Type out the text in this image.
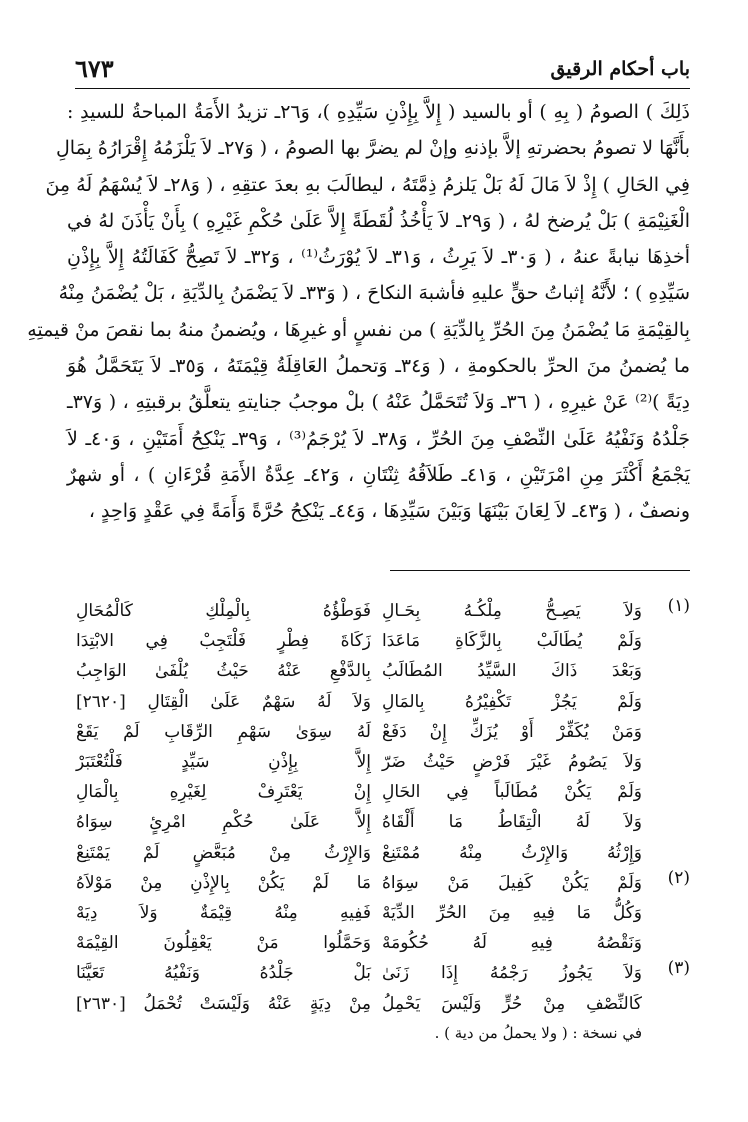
باب أحكام الرقيق
٦٧٣
ذَلِكَ ) الصومُ ( بِهِ ) أو بالسيد ( إِلاَّ بِإِذْنِ سَيِّدِهِ )، وَ٢٦ـ تزيدُ الأَمَةُ المباحةُ للسيدِ :
بأَنَّهَا لا تصومُ بحضرتهِ إلاَّ بإذنهِ وإنْ لم يضرَّ بها الصومُ ، ( وَ٢٧ـ لاَ يَلْزَمُهُ إِقْرَارُهُ بِمَالِ
فِي الحَالِ ) إِذْ لاَ مَالَ لَهُ بَلْ يَلزمُ ذِمَّتَهُ ، ليطالَبَ بهِ بعدَ عتقِهِ ، ( وَ٢٨ـ لاَ يُسْهَمُ لَهُ مِنَ
الْغَنِيْمَةِ ) بَلْ يُرضخ لهُ ، ( وَ٢٩ـ لاَ يَأْخُذُ لُقَطَةً إِلاَّ عَلَىٰ حُكْمِ غَيْرِهِ ) بِأَنْ يَأْذَنَ لهُ في
أخذِهَا نيابةً عنهُ ، ( وَ٣٠ـ لاَ يَرِثُ ، وَ٣١ـ لاَ يُوْرَثُ⁽¹⁾ ، وَ٣٢ـ لاَ تَصِحُّ كَفَالَتُهُ إِلاَّ بِإِذْنِ
سَيِّدِهِ ) ؛ لأَنَّهُ إثباتُ حقٍّ عليهِ فأشبهَ النكاحَ ، ( وَ٣٣ـ لاَ يَضْمَنُ بِالدِّيَةِ ، بَلْ يُضْمَنُ مِنْهُ
بِالقِيْمَةِ مَا يُضْمَنُ مِنَ الحُرِّ بِالدِّيَةِ ) من نفسٍ أو غيرِهَا ، ويُضمنُ منهُ بما نقصَ منْ قيمتِهِ
ما يُضمنُ منَ الحرِّ بالحكومةِ ، ( وَ٣٤ـ وَتحملُ العَاقِلَةُ قِيْمَتَهُ ، وَ٣٥ـ لاَ يَتَحَمَّلُ هُوَ
دِيَةً )⁽²⁾ عَنْ غيرِهِ ، ( ٣٦ـ وَلاَ تُتَحَمَّلُ عَنْهُ ) بلْ موجبُ جنايتهِ يتعلَّقُ برقبتِهِ ، ( وَ٣٧ـ
جَلْدُهُ وَنَفْيُهُ عَلَىٰ النِّصْفِ مِنَ الحُرِّ ، وَ٣٨ـ لاَ يُرْجَمُ⁽³⁾ ، وَ٣٩ـ يَنْكِحُ أَمَتَيْنِ ، وَ٤٠ـ لاَ
يَجْمَعُ أَكْثَرَ مِنِ امْرَتَيْنِ ، وَ٤١ـ طَلاَقُهُ ثِنْتَانِ ، وَ٤٢ـ عِدَّةُ الأَمَةِ قُرْءَانِ ) ، أو شهرٌ
ونصفٌ ، ( وَ٤٣ـ لاَ لِعَانَ بَيْنَهَا وَبَيْنَ سَيِّدِهَا ، وَ٤٤ـ يَنْكِحُ حُرَّةً وَأَمَةً فِي عَقْدٍ وَاحِدٍ ،
(١)
(٢)
(٣)
وَلاَ يَصِـحُّ مِلْكُـهُ بِحَـالِ
وَلَمْ يُطَالَبْ بِالزَّكَاةِ مَاعَدَا
وَبَعْدَ ذَاكَ السَّيِّدُ المُطَالَبُ
وَلَمْ يَجُزْ تَكْفِيْرُهُ بِالمَالِ
وَمَنْ يُكَفِّرْ أَوْ يُزَكِّ إِنْ دَفَعْ
وَلاَ يَصُومُ غَيْرَ فَرْضٍ حَيْثُ ضَرّ
وَلَمْ يَكُنْ مُطَالَباً فِي الحَالِ
وَلاَ لَهُ الْتِقَاطُ مَا أَلْقَاهُ
وَإِرْثُهُ وَالإِرْثُ مِنْهُ مُمْتَنِعْ
وَلَمْ يَكُنْ كَفِيلَ مَنْ سِوَاهُ
وَكُلُّ مَا فِيهِ مِنَ الحُرِّ الدِّيَهْ
وَنَقْصُهُ فِيهِ لَهُ حُكُومَهْ
وَلاَ يَجُوزُ رَجْمُهُ إِذَا زَنَىٰ
كَالنِّصْفِ مِنْ حُرٍّ وَلَيْسَ يَحْمِلُ
فَوَطْؤُهُ بِالْمِلْكِ كَالْمُحَالِ
زَكَاةَ فِطْرٍ فَلْتَجِبْ فِي الابْتِدَا
بِالدَّفْعِ عَنْهُ حَيْثُ يُلْفَىٰ الوَاجِبُ
وَلاَ لَهُ سَهْمٌ عَلَىٰ الْقِتَالِ [٢٦٢٠]
لَهُ سِوَىٰ سَهْمِ الرِّقَابِ لَمْ يَقَعْ
إِلاَّ بِإِذْنِ سَيِّدٍ فَلْتُعْتَبَرْ
إِنْ يَعْتَرِفْ لِغَيْرِهِ بِالْمَالِ
إِلاَّ عَلَىٰ حُكْمِ امْرِئٍ سِوَاهُ
وَالإِرْثُ مِنْ مُبَعَّضٍ لَمْ يَمْتَنِعْ
مَا لَمْ يَكُنْ بِالإِذْنِ مِنْ مَوْلاَهُ
فَفِيهِ مِنْهُ قِيْمَةٌ وَلاَ دِيَهْ
وَحَمَّلُوا مَنْ يَعْقِلُونَ القِيْمَهْ
بَلْ جَلْدُهُ وَنَفْيُهُ تَعَيَّنَا
مِنْ دِيَةٍ عَنْهُ وَلَيْسَتْ تُحْمَلُ [٢٦٣٠]
في نسخة : ( ولا يحملُ من دية ) .
